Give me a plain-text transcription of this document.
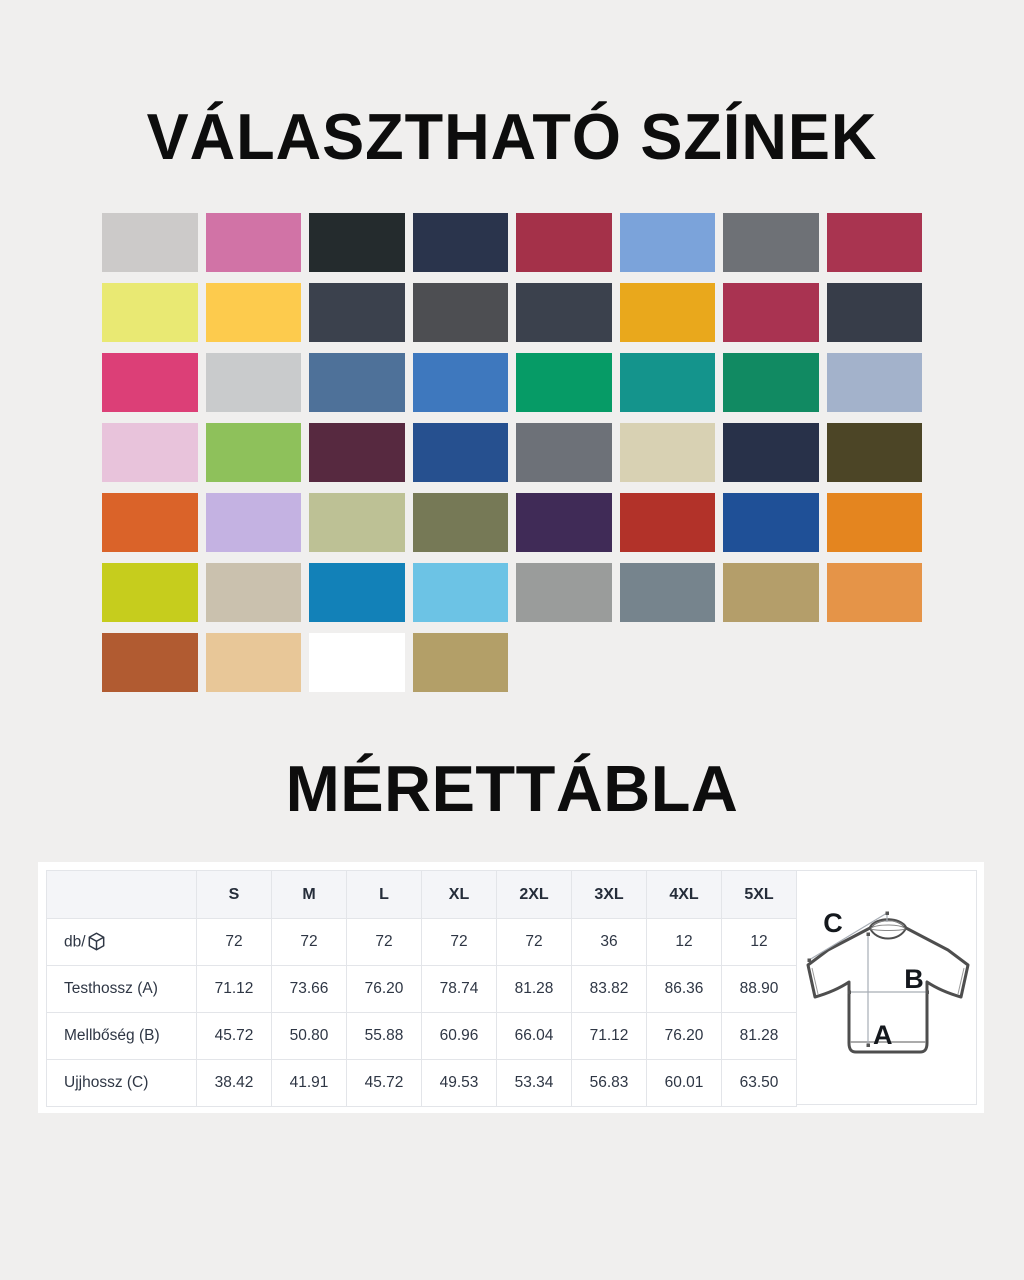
VÁLASZTHATÓ SZÍNEK
MÉRETTÁBLA
	S	M	L	XL	2XL	3XL	4XL	5XL
db/	72	72	72	72	72	36	12	12
Testhossz (A)	71.12	73.66	76.20	78.74	81.28	83.82	86.36	88.90
Mellbőség (B)	45.72	50.80	55.88	60.96	66.04	71.12	76.20	81.28
Ujjhossz (C)	38.42	41.91	45.72	49.53	53.34	56.83	60.01	63.50
C
A
B
